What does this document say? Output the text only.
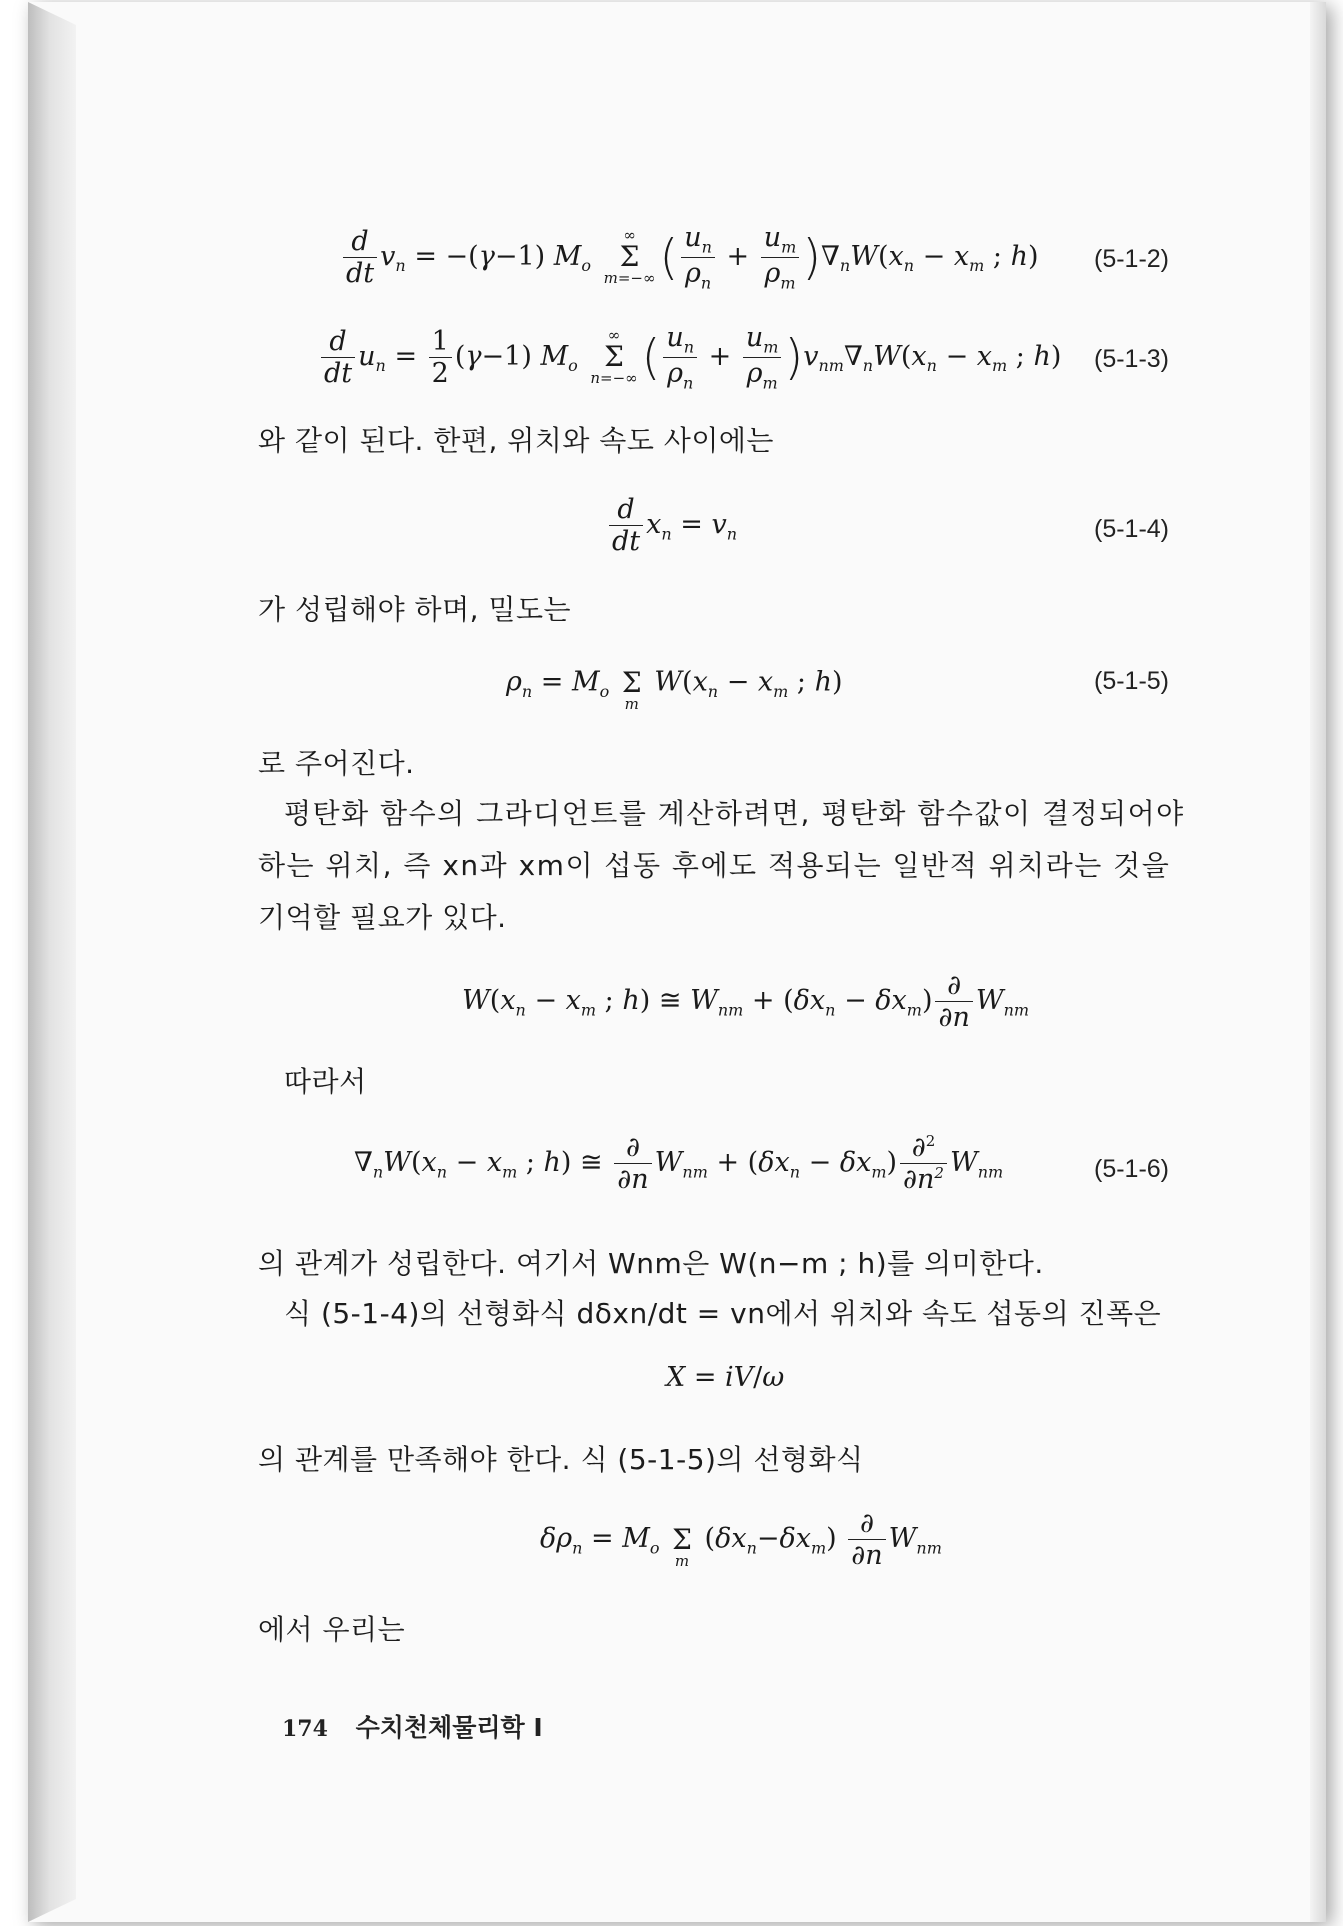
$\frac{d}{dt} v_n = -(\gamma-1)$ $M_o$
∞
Σ
m=−∞ ( $\frac{u_n}{\rho_n} + \frac{u_m}{\rho_m} )\nabla_nW(x_n - x_m$ ; h) (5-1-2)
$\frac{d}{dt} u_n = \frac{1}{2} (\gamma-1)$ $M_o$
∞
Σ
n=−∞ ( $\frac{u_n}{\rho_n} + \frac{u_m}{\rho_m} )v_{nm}\nabla_nW(x_n - x_m$ ; h) (5-1-3)
와 같이 된다. 한편, 위치와 속도 사이에는
$\frac{d}{dt} x_n = v_n$	(5-1-4)
가 성립해야 하며, 밀도는
$\rho_n = M_o$
Σ
m
$W(x_n - x_m$ ; h)	(5-1-5)
로 주어진다.
평탄화 함수의 그라디언트를 계산하려면, 평탄화 함수값이 결정되어야
하는 위치, 즉 xn과 xm이 섭동 후에도 적용되는 일반적 위치라는 것을
기억할 필요가 있다.
$W(x_n - x_m$ ; h) ≅ $W_{nm} + (\delta x_n - \delta x_m) \frac{\partial}{\partial n} W_{nm}$
따라서
$\nabla_nW(x_n - x_m$ ; h) ≅ $\frac{\partial}{\partial n} W_{nm} + (\delta x_n - \delta x_m) \frac{\partial^2}{\partial n^2} W_{nm}$	(5-1-6)
의 관계가 성립한다. 여기서 Wnm은 W(n−m ; h)를 의미한다.
식 (5-1-4)의 선형화식 dδxn/dt = vn에서 위치와 속도 섭동의 진폭은
X = iV/ω
의 관계를 만족해야 한다. 식 (5-1-5)의 선형화식
$\delta\rho_n = M_o$
Σ
m
$(\delta x_n-\delta x_m) \frac{\partial}{\partial n} W_{nm}$
에서 우리는
174 수치천체물리학 Ⅰ
